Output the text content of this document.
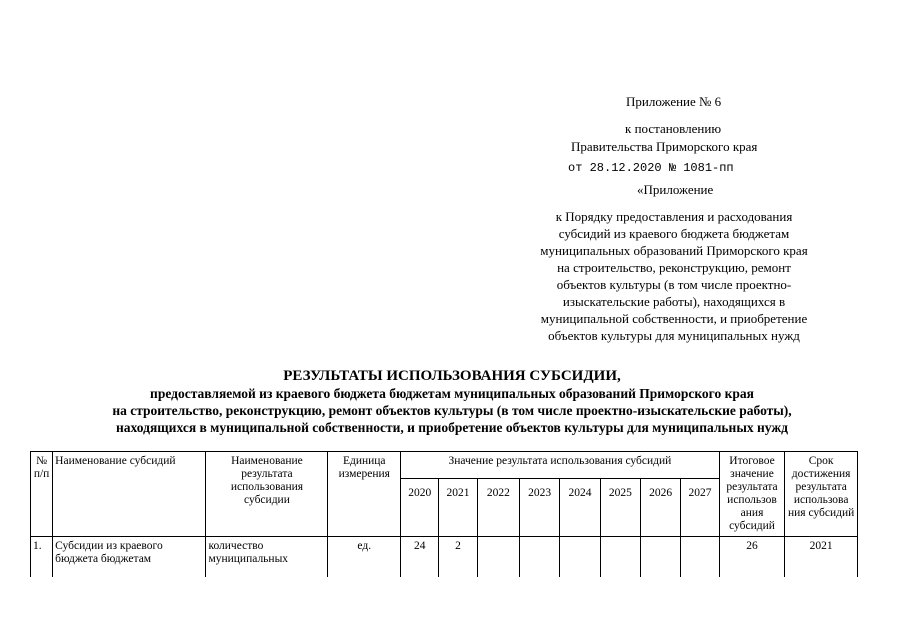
Приложение № 6
к постановлению
Правительства Приморского края
от 28.12.2020 № 1081-пп
«Приложение
к Порядку предоставления и расходования
субсидий из краевого бюджета бюджетам
муниципальных образований Приморского края
на строительство, реконструкцию, ремонт
объектов культуры (в том числе проектно-
изыскательские работы), находящихся в
муниципальной собственности, и приобретение
объектов культуры для муниципальных нужд
РЕЗУЛЬТАТЫ ИСПОЛЬЗОВАНИЯ СУБСИДИИ,
предоставляемой из краевого бюджета бюджетам муниципальных образований Приморского края
на строительство, реконструкцию, ремонт объектов культуры (в том числе проектно-изыскательские работы),
находящихся в муниципальной собственности, и приобретение объектов культуры для муниципальных нужд
№ п/п	Наименование субсидий	Наименование результата использования субсидии	Единица измерения	Значение результата использования субсидий								Итоговое значение результата использов ания субсидий	Срок достижения результата использова ния субсидий
				2020	2021	2022	2023	2024	2025	2026	2027		
1.	Субсидии из краевого бюджета бюджетам	количество муниципальных	ед.	24	2							26	2021
